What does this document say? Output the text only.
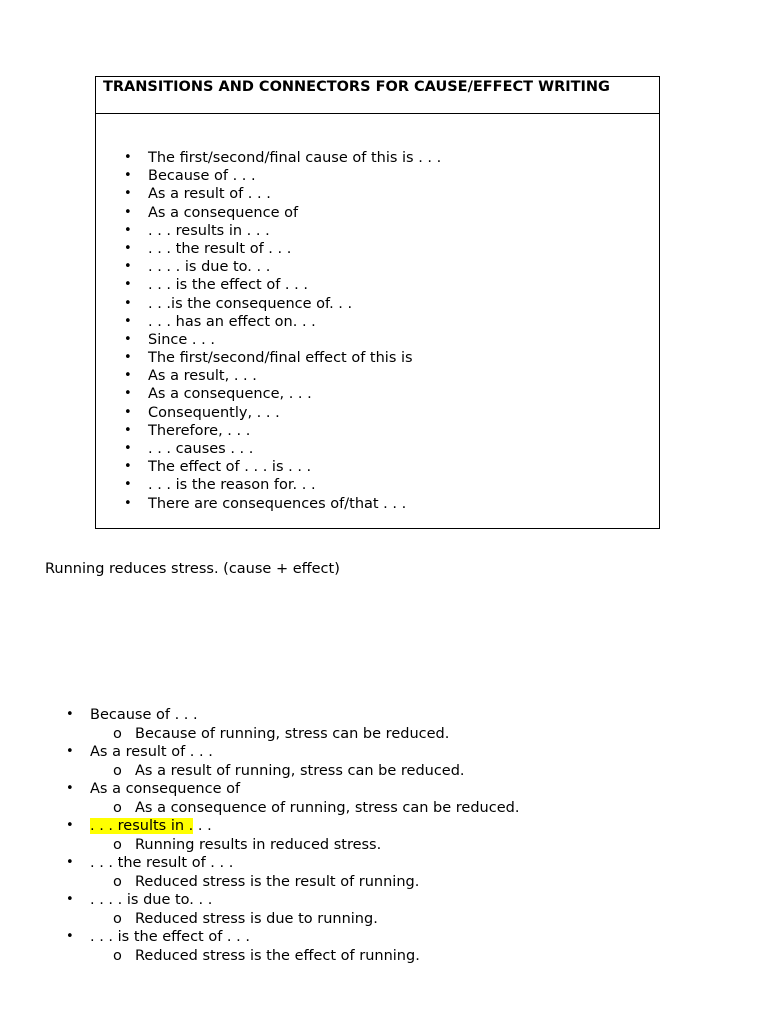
TRANSITIONS AND CONNECTORS FOR CAUSE/EFFECT WRITING
• The first/second/final cause of this is . . .
• Because of . . .
• As a result of . . .
• As a consequence of
• . . . results in . . .
• . . . the result of . . .
• . . . . is due to. . .
• . . . is the effect of . . .
• . . .is the consequence of. . .
• . . . has an effect on. . .
• Since . . .
• The first/second/final effect of this is
• As a result, . . .
• As a consequence, . . .
• Consequently, . . .
• Therefore, . . .
• . . . causes . . .
• The effect of . . . is . . .
• . . . is the reason for. . .
• There are consequences of/that . . .
Running reduces stress. (cause + effect)
• Because of . . .
o Because of running, stress can be reduced.
• As a result of . . .
o As a result of running, stress can be reduced.
• As a consequence of
o As a consequence of running, stress can be reduced.
• . . . results in . . .
o Running results in reduced stress.
• . . . the result of . . .
o Reduced stress is the result of running.
• . . . . is due to. . .
o Reduced stress is due to running.
• . . . is the effect of . . .
o Reduced stress is the effect of running.
